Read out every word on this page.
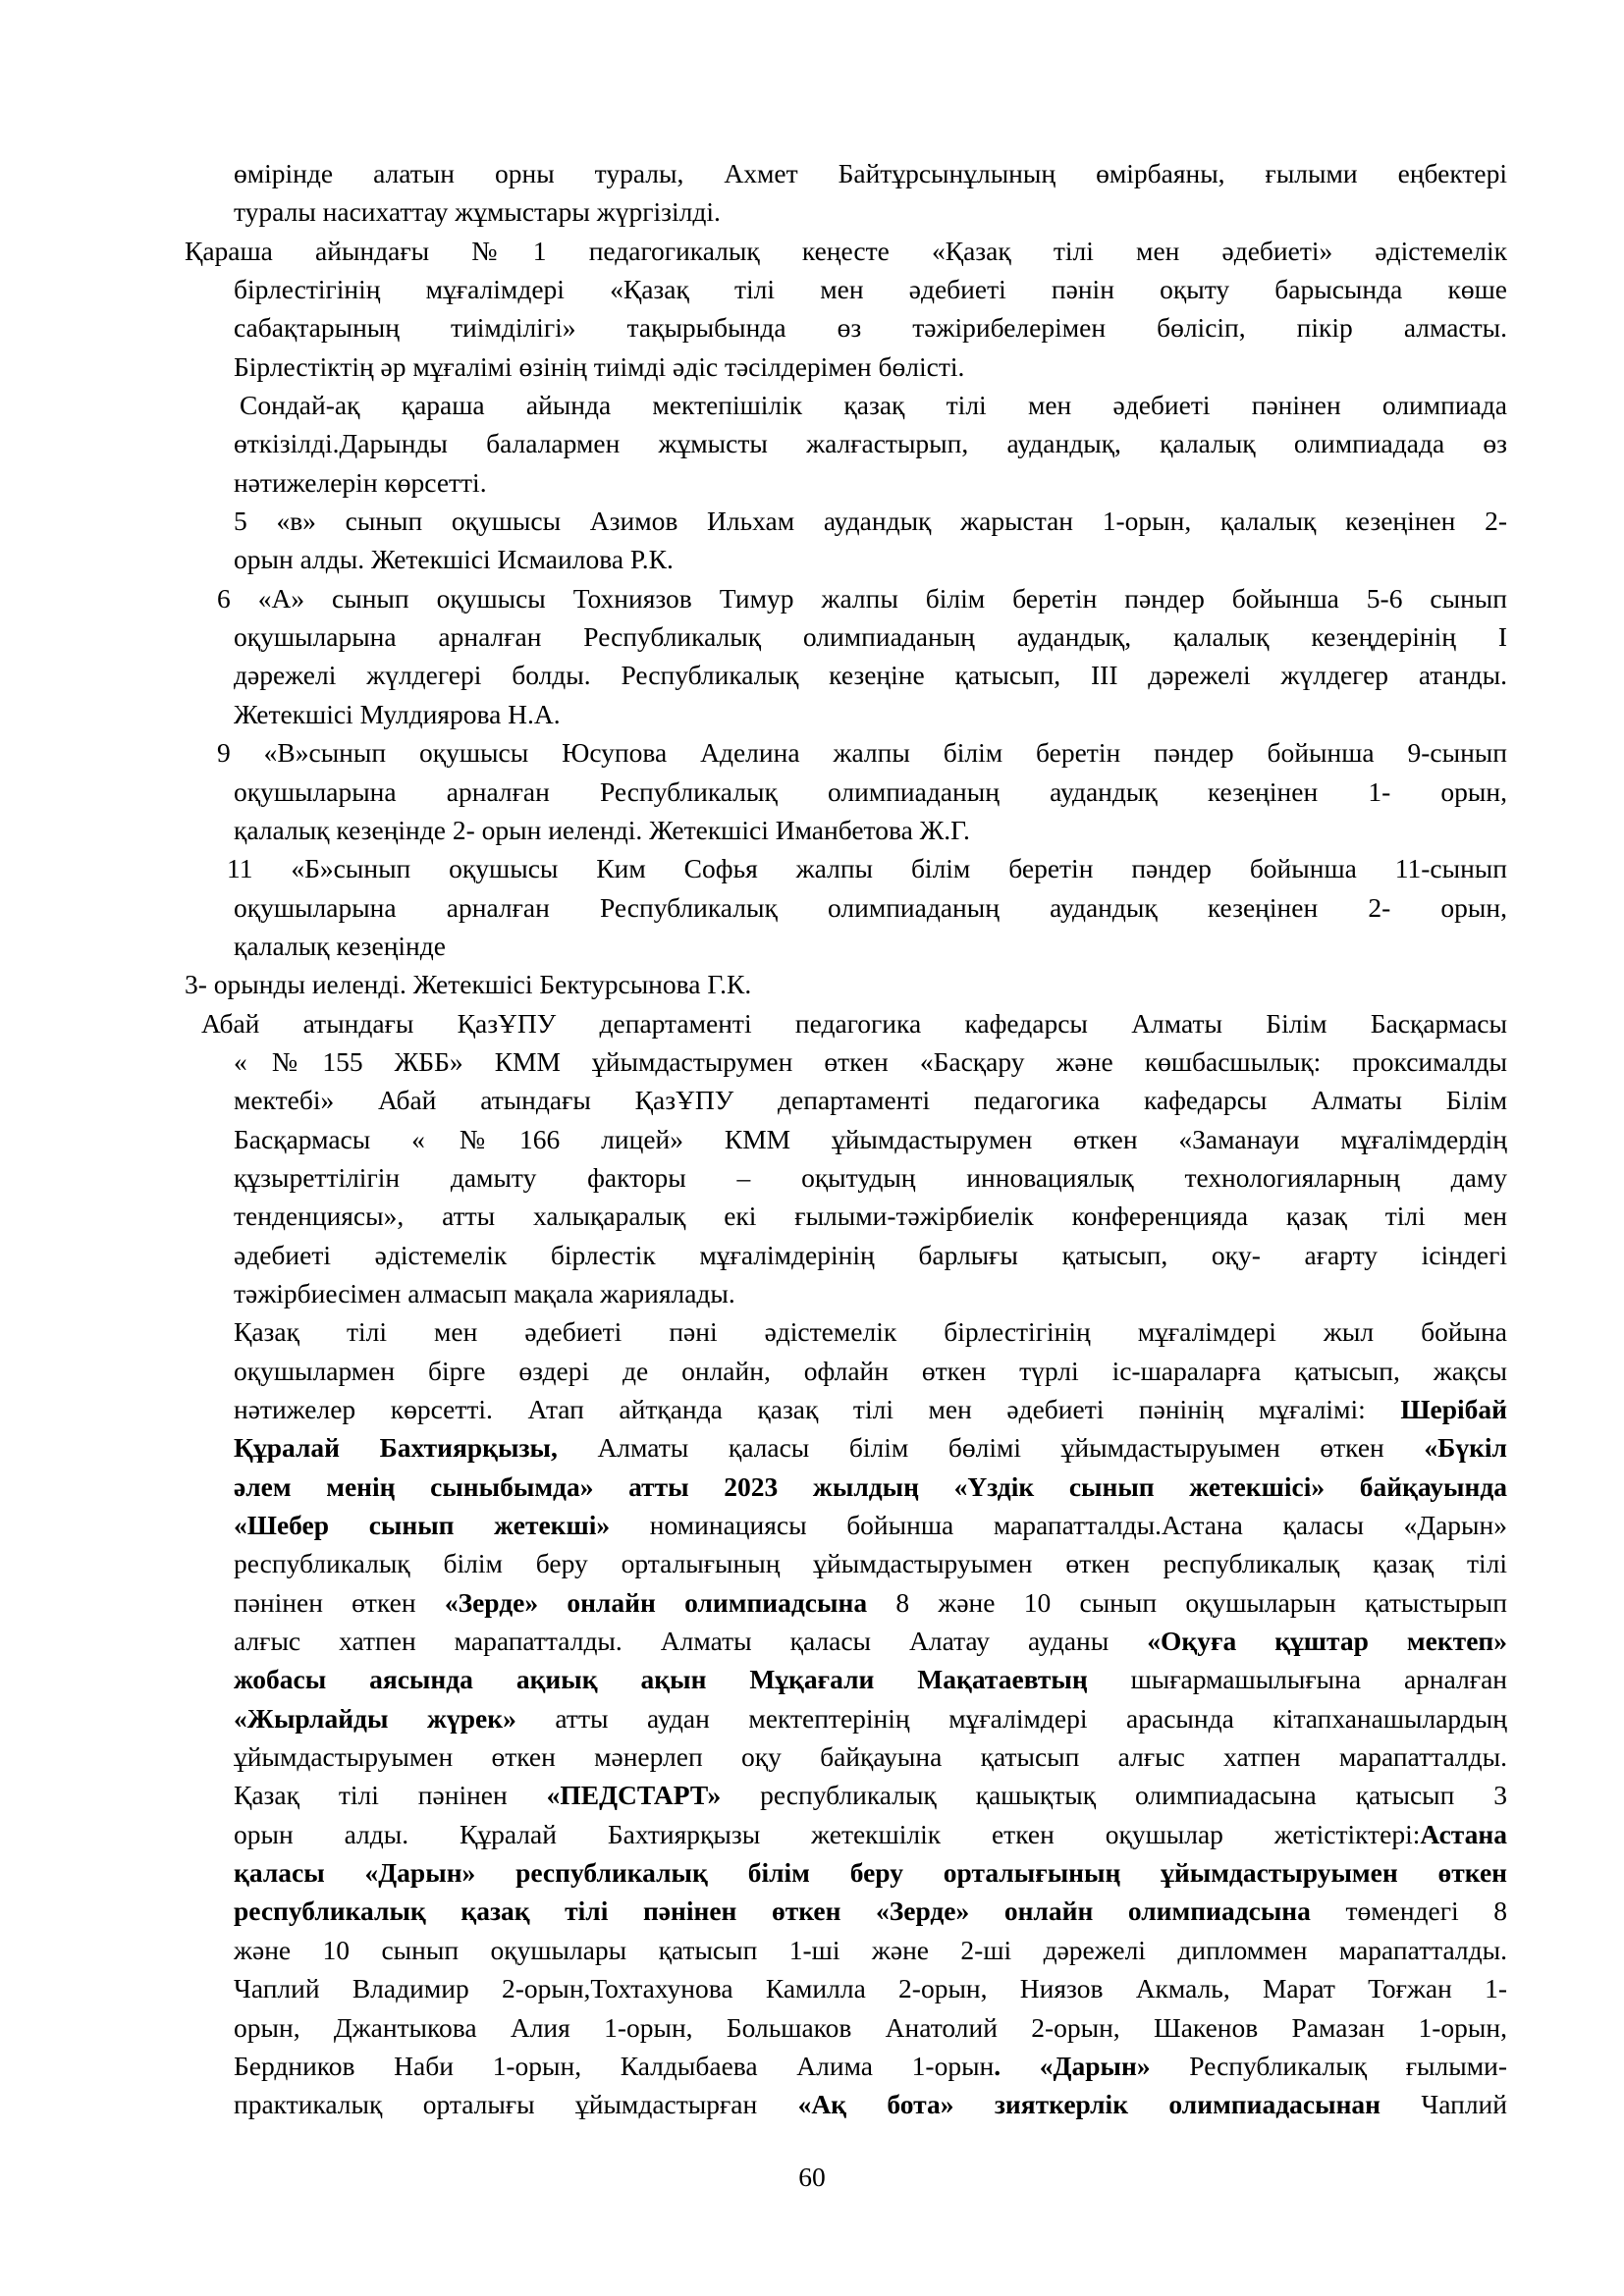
өмірінде алатын орны туралы, Ахмет Байтұрсынұлының өмірбаяны, ғылыми еңбектері
туралы насихаттау жұмыстары жүргізілді.
Қараша айындағы №1 педагогикалық кеңесте «Қазақ тілі мен әдебиеті» әдістемелік
бірлестігінің мұғалімдері «Қазақ тілі мен әдебиеті пәнін оқыту барысында көше
сабақтарының тиімділігі» тақырыбында өз тәжірибелерімен бөлісіп, пікір алмасты.
Бірлестіктің әр мұғалімі өзінің тиімді әдіс тәсілдерімен бөлісті.
Сондай-ақ қараша айында мектепішілік қазақ тілі мен әдебиеті пәнінен олимпиада
өткізілді.Дарынды балалармен жұмысты жалғастырып, аудандық, қалалық олимпиадада өз
нәтижелерін көрсетті.
5 «в» сынып оқушысы Азимов Ильхам аудандық жарыстан 1-орын, қалалық кезеңінен 2-
орын алды. Жетекшісі Исмаилова Р.К.
6 «А» сынып оқушысы Тохниязов Тимур жалпы білім беретін пәндер бойынша 5-6 сынып
оқушыларына арналған Республикалық олимпиаданың аудандық, қалалық кезеңдерінің І
дәрежелі жүлдегері болды. Республикалық кезеңіне қатысып, ІІІ дәрежелі жүлдегер атанды.
Жетекшісі Мулдиярова Н.А.
9 «В»сынып оқушысы Юсупова Аделина жалпы білім беретін пәндер бойынша 9-сынып
оқушыларына арналған Республикалық олимпиаданың аудандық кезеңінен 1- орын,
қалалық кезеңінде 2- орын иеленді. Жетекшісі Иманбетова Ж.Г.
11 «Б»сынып оқушысы Ким Софья жалпы білім беретін пәндер бойынша 11-сынып
оқушыларына арналған Республикалық олимпиаданың аудандық кезеңінен 2- орын,
қалалық кезеңінде
3- орынды иеленді. Жетекшісі Бектурсынова Г.К.
Абай атындағы ҚазҰПУ департаменті педагогика кафедарсы Алматы Білім Басқармасы
«№155 ЖББ» КММ ұйымдастырумен өткен «Басқару және көшбасшылық: проксималды
мектебі» Абай атындағы ҚазҰПУ департаменті педагогика кафедарсы Алматы Білім
Басқармасы «№166 лицей» КММ ұйымдастырумен өткен «Заманауи мұғалімдердің
құзыреттілігін дамыту факторы – оқытудың инновациялық технологияларның даму
тенденциясы», атты халықаралық екі ғылыми-тәжірбиелік конференцияда қазақ тілі мен
әдебиеті әдістемелік бірлестік мұғалімдерінің барлығы қатысып, оқу- ағарту ісіндегі
тәжірбиесімен алмасып мақала жариялады.
Қазақ тілі мен әдебиеті пәні әдістемелік бірлестігінің мұғалімдері жыл бойына
оқушылармен бірге өздері де онлайн, офлайн өткен түрлі іс-шараларға қатысып, жақсы
нәтижелер көрсетті. Атап айтқанда қазақ тілі мен әдебиеті пәнінің мұғалімі: Шерібай
Құралай Бахтиярқызы, Алматы қаласы білім бөлімі ұйымдастыруымен өткен «Бүкіл
әлем менің сыныбымда» атты 2023 жылдың «Үздік сынып жетекшісі» байқауында
«Шебер сынып жетекші» номинациясы бойынша марапатталды.Астана қаласы «Дарын»
республикалық білім беру орталығының ұйымдастыруымен өткен республикалық қазақ тілі
пәнінен өткен «Зерде» онлайн олимпиадсына 8 және 10 сынып оқушыларын қатыстырып
алғыс хатпен марапатталды. Алматы қаласы Алатау ауданы «Оқуға құштар мектеп»
жобасы аясында ақиық ақын Мұқағали Мақатаевтың шығармашылығына арналған
«Жырлайды жүрек» атты аудан мектептерінің мұғалімдері арасында кітапханашылардың
ұйымдастыруымен өткен мәнерлеп оқу байқауына қатысып алғыс хатпен марапатталды.
Қазақ тілі пәнінен «ПЕДСТАРТ» республикалық қашықтық олимпиадасына қатысып 3
орын алды. Құралай Бахтиярқызы жетекшілік еткен оқушылар жетістіктері:Астана
қаласы «Дарын» республикалық білім беру орталығының ұйымдастыруымен өткен
республикалық қазақ тілі пәнінен өткен «Зерде» онлайн олимпиадсына төмендегі 8
және 10 сынып оқушылары қатысып 1-ші және 2-ші дәрежелі дипломмен марапатталды.
Чаплий Владимир 2-орын,Тохтахунова Камилла 2-орын, Ниязов Акмаль, Марат Тоғжан 1-
орын, Джантыкова Алия 1-орын, Большаков Анатолий 2-орын, Шакенов Рамазан 1-орын,
Бердников Наби 1-орын, Калдыбаева Алима 1-орын. «Дарын» Республикалық ғылыми-
практикалық орталығы ұйымдастырған «Ақ бота» зияткерлік олимпиадасынан Чаплий
60
